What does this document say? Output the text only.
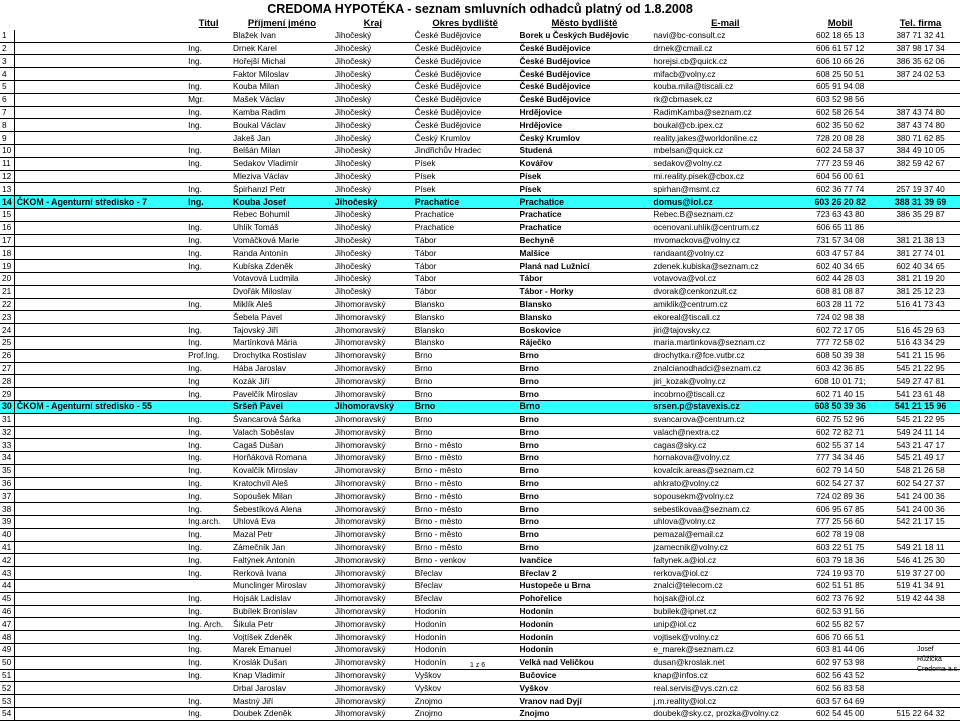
CREDOMA HYPOTÉKA - seznam smluvních odhadců platný od 1.8.2008
		Titul	Příjmení jméno	Kraj	Okres bydliště	Město bydliště	E-mail	Mobil	Tel. firma
1			Blažek Ivan	Jihočeský	České Budějovice	Borek u Českých Budějovic	navi@bc-consult.cz	602 18 65 13	387 71 32 41
2		Ing.	Drnek Karel	Jihočeský	České Budějovice	České Budějovice	drnek@cmail.cz	606 61 57 12	387 98 17 34
3		Ing.	Hořejší Michal	Jihočeský	České Budějovice	České Budějovice	horejsi.cb@quick.cz	606 10 66 26	386 35 62 06
4			Faktor Miloslav	Jihočeský	České Budějovice	České Budějovice	mifacb@volny.cz	608 25 50 51	387 24 02 53
5		Ing.	Kouba Milan	Jihočeský	České Budějovice	České Budějovice	kouba.mila@tiscali.cz	605 91 94 08	
6		Mgr.	Mašek Václav	Jihočeský	České Budějovice	České Budějovice	rk@cbmasek.cz	603 52 98 56	
7		Ing.	Kamba Radim	Jihočeský	České Budějovice	Hrdějovice	RadimKamba@seznam.cz	602 58 26 54	387 43 74 80
8		Ing.	Boukal Václav	Jihočeský	České Budějovice	Hrdějovice	boukal@cb.ipex.cz	602 35 50 62	387 43 74 80
9			Jakeš Jan	Jihočeský	Český Krumlov	Český Krumlov	reality.jakes@worldonline.cz	728 20 08 28	380 71 62 85
10		Ing.	Belšán Milan	Jihočeský	Jindřichův Hradec	Studená	mbelsan@quick.cz	602 24 58 37	384 49 10 05
11		Ing.	Sedakov Vladimír	Jihočeský	Písek	Kovářov	sedakov@volny.cz	777 23 59 46	382 59 42 67
12			Mleziva Václav	Jihočeský	Písek	Písek	mi.reality.pisek@cbox.cz	604 56 00 61	
13		Ing.	Špirhanzl Petr	Jihočeský	Písek	Písek	spirhan@msmt.cz	602 36 77 74	257 19 37 40
14	ČKOM - Agenturní středisko - 7	Ing.	Kouba Josef	Jihočeský	Prachatice	Prachatice	domus@iol.cz	603 26 20 82	388 31 39 69
15			Rebec Bohumil	Jihočeský	Prachatice	Prachatice	Rebec.B@seznam.cz	723 63 43 80	386 35 29 87
16		Ing.	Uhlík Tomáš	Jihočeský	Prachatice	Prachatice	ocenovani.uhlik@centrum.cz	606 65 11 86	
17		Ing.	Vomáčková Marie	Jihočeský	Tábor	Bechyně	mvomackova@volny.cz	731 57 34 08	381 21 38 13
18		Ing.	Randa Antonín	Jihočeský	Tábor	Malšice	randaant@volny.cz	603 47 57 84	381 27 74 01
19		Ing.	Kubíska Zdeněk	Jihočeský	Tábor	Planá nad Lužnicí	zdenek.kubiska@seznam.cz	602 40 34 65	602 40 34 65
20			Votavová Ludmila	Jihočeský	Tábor	Tábor	votavova@vol.cz	602 44 28 03	381 21 19 20
21			Dvořák Miloslav	Jihočeský	Tábor	Tábor - Horky	dvorak@cenkonzult.cz	608 81 08 87	381 25 12 23
22		Ing.	Miklík Aleš	Jihomoravský	Blansko	Blansko	amiklik@centrum.cz	603 28 11 72	516 41 73 43
23			Šebela Pavel	Jihomoravský	Blansko	Blansko	ekoreal@tiscali.cz	724 02 98 38	
24		Ing.	Tajovský Jiří	Jihomoravský	Blansko	Boskovice	jiri@tajovsky.cz	602 72 17 05	516 45 29 63
25		Ing.	Martínková Mária	Jihomoravský	Blansko	Ráječko	maria.martinkova@seznam.cz	777 72 58 02	516 43 34 29
26		Prof.Ing.	Drochytka Rostislav	Jihomoravský	Brno	Brno	drochytka.r@fce.vutbr.cz	608 50 39 38	541 21 15 96
27		Ing.	Hába Jaroslav	Jihomoravský	Brno	Brno	znalcianodhadci@seznam.cz	603 42 36 85	545 21 22 95
28		Ing	Kozák Jiří	Jihomoravský	Brno	Brno	jiri_kozak@volny.cz	608 10 01 71;	549 27 47 81
29		Ing.	Pavelčík Miroslav	Jihomoravský	Brno	Brno	incobrno@tiscali.cz	602 71 40 15	541 23 61 48
30	ČKOM - Agenturní středisko - 55		Sršeň Pavel	Jihomoravský	Brno	Brno	srsen.p@stavexis.cz	608 50 39 36	541 21 15 96
31		Ing.	Švancarová Šárka	Jihomoravský	Brno	Brno	svancarova@centrum.cz	602 75 52 96	545 21 22 95
32		Ing.	Valach Soběslav	Jihomoravský	Brno	Brno	valach@nextra.cz	602 72 82 71	549 24 11 14
33		Ing.	Cagaš Dušan	Jihomoravský	Brno - město	Brno	cagas@sky.cz	602 55 37 14	543 21 47 17
34		Ing.	Horňáková Romana	Jihomoravský	Brno - město	Brno	hornakova@volny.cz	777 34 34 46	545 21 49 17
35		Ing.	Kovalčík Miroslav	Jihomoravský	Brno - město	Brno	kovalcik.areas@seznam.cz	602 79 14 50	548 21 26 58
36		Ing.	Kratochvíl Aleš	Jihomoravský	Brno - město	Brno	ahkrato@volny.cz	602 54 27 37	602 54 27 37
37		Ing.	Sopoušek Milan	Jihomoravský	Brno - město	Brno	sopousekm@volny.cz	724 02 89 36	541 24 00 36
38		Ing.	Šebestíková Alena	Jihomoravský	Brno - město	Brno	sebestikovaa@seznam.cz	606 95 67 85	541 24 00 36
39		Ing.arch.	Uhlová Eva	Jihomoravský	Brno - město	Brno	uhlova@volny.cz	777 25 56 60	542 21 17 15
40		Ing.	Mazal Petr	Jihomoravský	Brno - město	Brno	pemazal@email.cz	602 78 19 08	
41		Ing.	Zámečník Jan	Jihomoravský	Brno - město	Brno	jzamecnik@volny.cz	603 22 51 75	549 21 18 11
42		Ing.	Faltýnek Antonín	Jihomoravský	Brno - venkov	Ivančice	faltynek.a@iol.cz	603 79 18 36	546 41 25 30
43		Ing.	Rerková Ivana	Jihomoravský	Břeclav	Břeclav 2	rerkova@iol.cz	724 19 93 70	519 37 27 00
44			Munclinger Miroslav	Jihomoravský	Břeclav	Hustopeče u Brna	znalci@telecom.cz	602 51 51 85	519 41 34 91
45		Ing.	Hojsák Ladislav	Jihomoravský	Břeclav	Pohořelice	hojsak@iol.cz	602 73 76 92	519 42 44 38
46		Ing.	Bubílek Bronislav	Jihomoravský	Hodonín	Hodonín	bubilek@ipnet.cz	602 53 91 56	
47		Ing. Arch.	Šikula Petr	Jihomoravský	Hodonín	Hodonín	unip@iol.cz	602 55 82 57	
48		Ing.	Vojtíšek Zdeněk	Jihomoravský	Hodonín	Hodonín	vojtisek@volny.cz	606 70 66 51	
49		Ing.	Marek Emanuel	Jihomoravský	Hodonín	Hodonín	e_marek@seznam.cz	603 81 44 06	
50		Ing.	Kroslák Dušan	Jihomoravský	Hodonín	Velká nad Veličkou	dusan@kroslak.net	602 97 53 98	
51		Ing.	Knap Vladimír	Jihomoravský	Vyškov	Bučovice	knap@infos.cz	602 56 43 52	
52			Drbal Jaroslav	Jihomoravský	Vyškov	Vyškov	real.servis@vys.czn.cz	602 56 83 58	
53		Ing.	Mastný Jiří	Jihomoravský	Znojmo	Vranov nad Dyjí	j.m.reality@iol.cz	603 57 64 69	
54		Ing.	Doubek Zdeněk	Jihomoravský	Znojmo	Znojmo	doubek@sky.cz, prozka@volny.cz	602 54 45 00	515 22 64 32
1 z 6
Josef Růžička
Credoma a.s.
